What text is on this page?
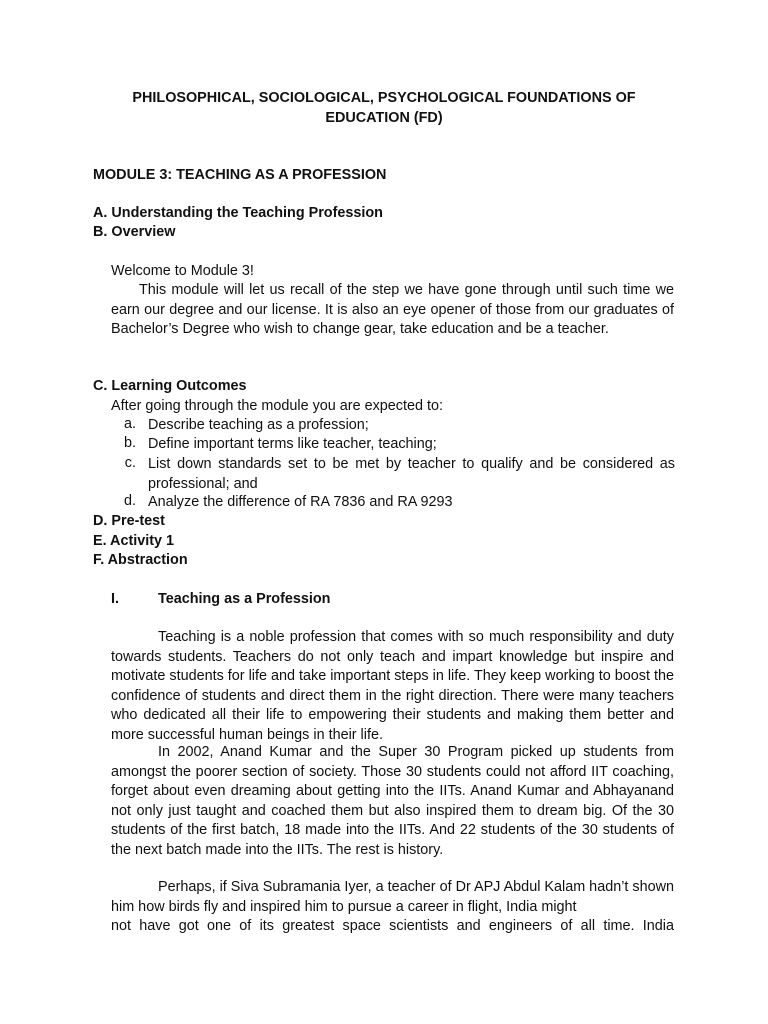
PHILOSOPHICAL, SOCIOLOGICAL, PSYCHOLOGICAL FOUNDATIONS OF EDUCATION (FD)
MODULE 3: TEACHING AS A PROFESSION
A. Understanding the Teaching Profession
B. Overview
Welcome to Module 3!
This module will let us recall of the step we have gone through until such time we earn our degree and our license. It is also an eye opener of those from our graduates of Bachelor’s Degree who wish to change gear, take education and be a teacher.
C. Learning Outcomes
After going through the module you are expected to:
a. Describe teaching as a profession;
b. Define important terms like teacher, teaching;
c. List down standards set to be met by teacher to qualify and be considered as professional; and
d. Analyze the difference of RA 7836 and RA 9293
D. Pre-test
E. Activity 1
F. Abstraction
I.	Teaching as a Profession
Teaching is a noble profession that comes with so much responsibility and duty towards students. Teachers do not only teach and impart knowledge but inspire and motivate students for life and take important steps in life. They keep working to boost the confidence of students and direct them in the right direction. There were many teachers who dedicated all their life to empowering their students and making them better and more successful human beings in their life.
In 2002, Anand Kumar and the Super 30 Program picked up students from amongst the poorer section of society. Those 30 students could not afford IIT coaching, forget about even dreaming about getting into the IITs. Anand Kumar and Abhayanand not only just taught and coached them but also inspired them to dream big. Of the 30 students of the first batch, 18 made into the IITs. And 22 students of the 30 students of the next batch made into the IITs. The rest is history.
Perhaps, if Siva Subramania Iyer, a teacher of Dr APJ Abdul Kalam hadn’t shown him how birds fly and inspired him to pursue a career in flight, India might
not have got one of its greatest space scientists and engineers of all time. India
